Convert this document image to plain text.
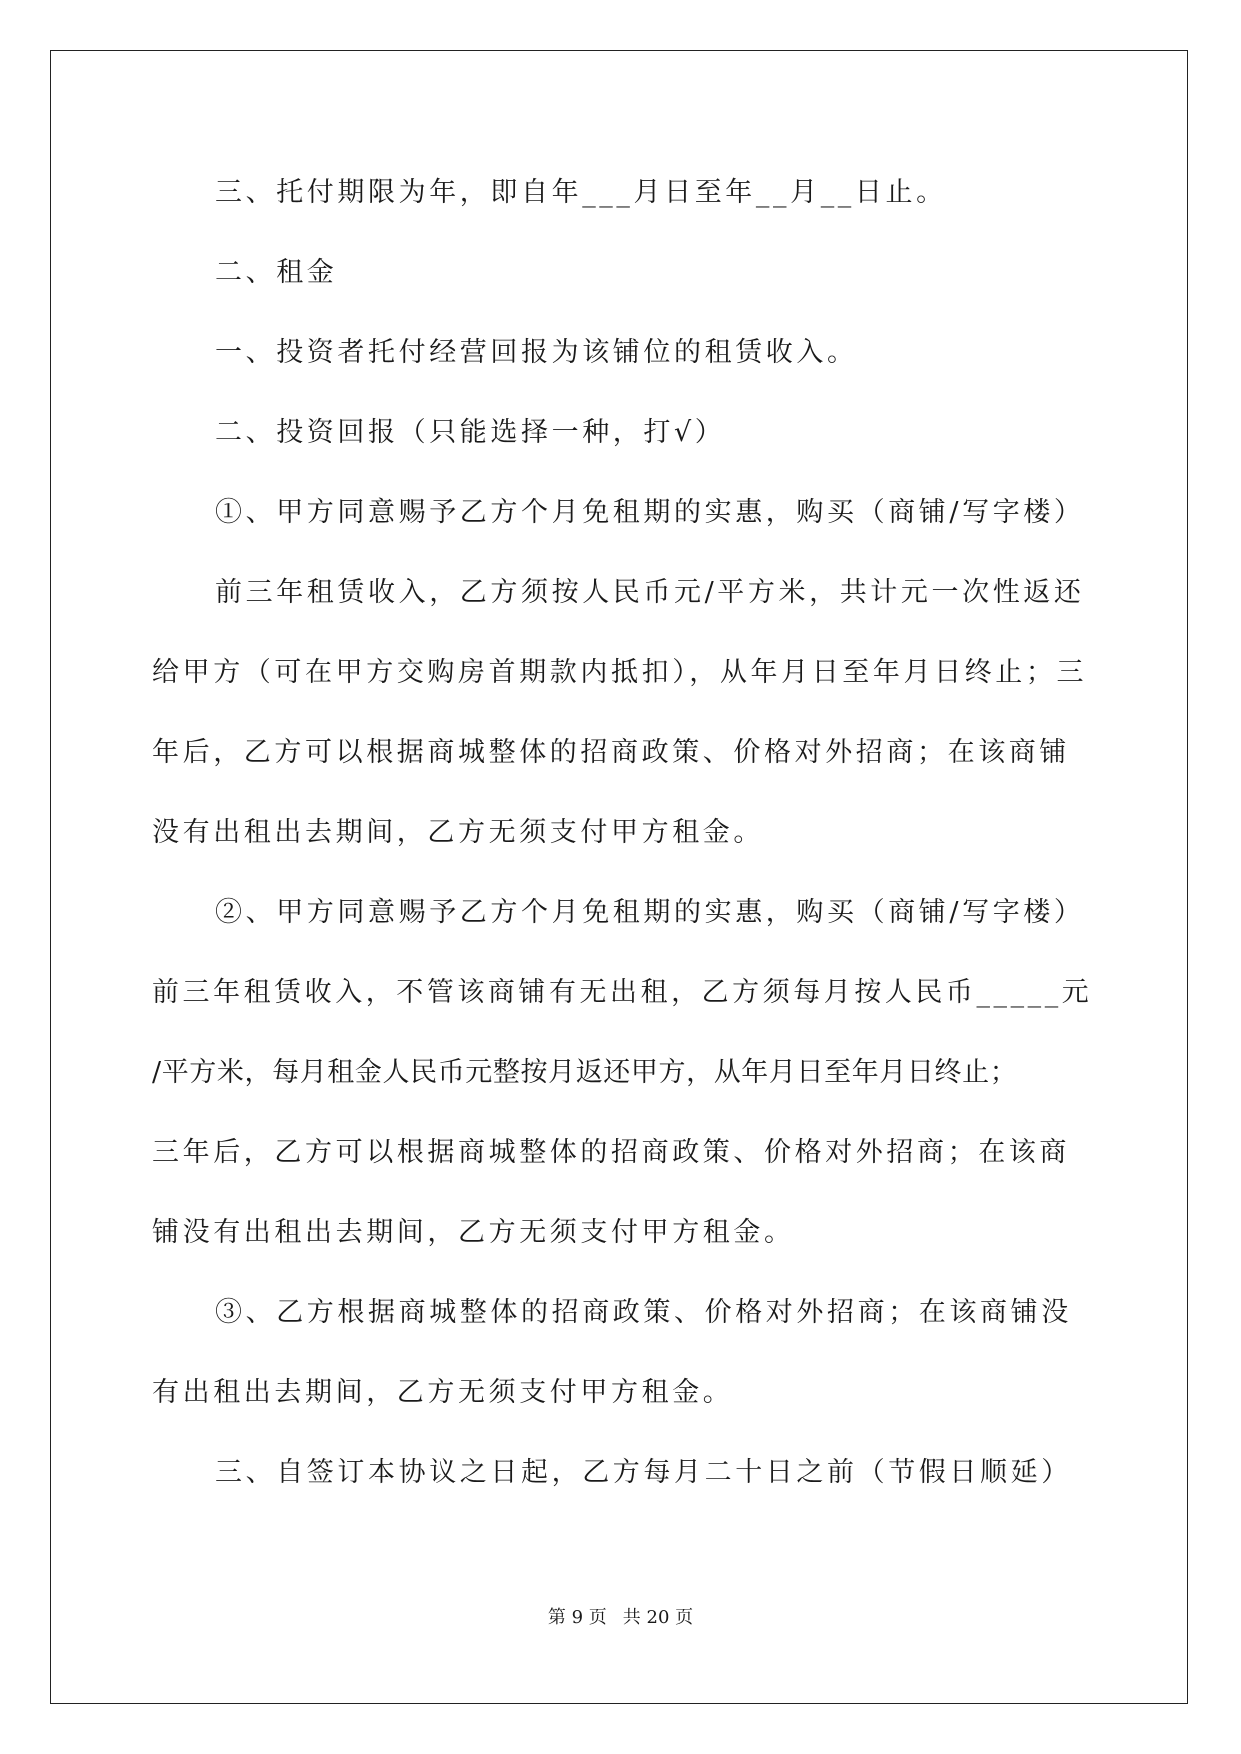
三、托付期限为年，即自年___月日至年__月__日止。
二、租金
一、投资者托付经营回报为该铺位的租赁收入。
二、投资回报（只能选择一种，打√）
①、甲方同意赐予乙方个月免租期的实惠，购买（商铺/写字楼）
前三年租赁收入，乙方须按人民币元/平方米，共计元一次性返还
给甲方（可在甲方交购房首期款内抵扣），从年月日至年月日终止；三
年后，乙方可以根据商城整体的招商政策、价格对外招商；在该商铺
没有出租出去期间，乙方无须支付甲方租金。
②、甲方同意赐予乙方个月免租期的实惠，购买（商铺/写字楼）
前三年租赁收入，不管该商铺有无出租，乙方须每月按人民币_____元
/平方米，每月租金人民币元整按月返还甲方，从年月日至年月日终止；
三年后，乙方可以根据商城整体的招商政策、价格对外招商；在该商
铺没有出租出去期间，乙方无须支付甲方租金。
③、乙方根据商城整体的招商政策、价格对外招商；在该商铺没
有出租出去期间，乙方无须支付甲方租金。
三、自签订本协议之日起，乙方每月二十日之前（节假日顺延）
第 9 页 共 20 页
